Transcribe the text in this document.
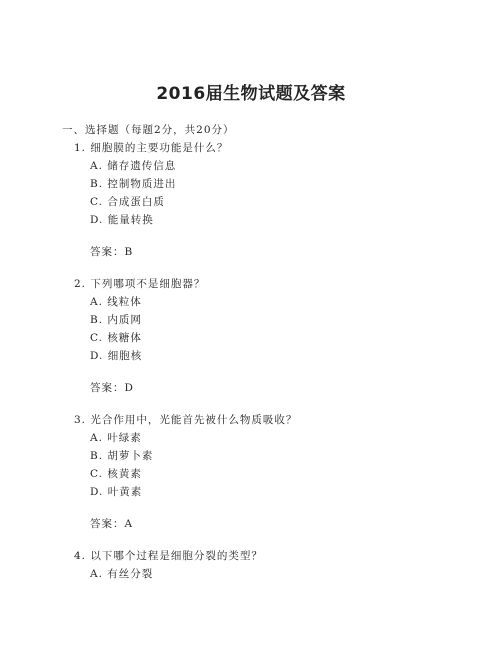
2016届生物试题及答案
一、选择题（每题2分，共20分）
1. 细胞膜的主要功能是什么？
A. 储存遗传信息
B. 控制物质进出
C. 合成蛋白质
D. 能量转换
答案：B
2. 下列哪项不是细胞器？
A. 线粒体
B. 内质网
C. 核糖体
D. 细胞核
答案：D
3. 光合作用中，光能首先被什么物质吸收？
A. 叶绿素
B. 胡萝卜素
C. 核黄素
D. 叶黄素
答案：A
4. 以下哪个过程是细胞分裂的类型？
A. 有丝分裂
